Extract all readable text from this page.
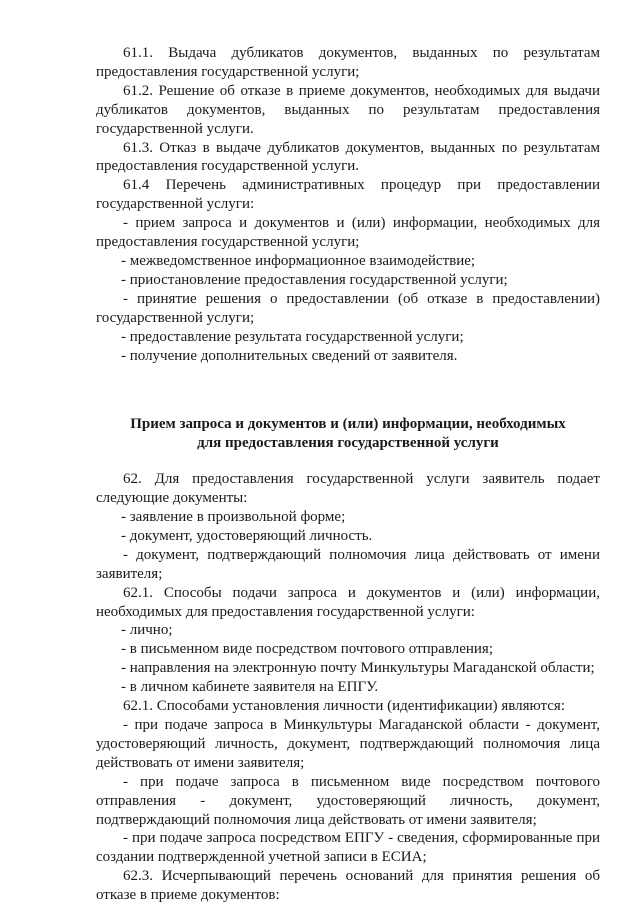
61.1. Выдача дубликатов документов, выданных по результатам предоставления государственной услуги;

61.2. Решение об отказе в приеме документов, необходимых для выдачи дубликатов документов, выданных по результатам предоставления государственной услуги.

61.3. Отказ в выдаче дубликатов документов, выданных по результатам предоставления государственной услуги.

61.4 Перечень административных процедур при предоставлении государственной услуги:

- прием запроса и документов и (или) информации, необходимых для предоставления государственной услуги;

- межведомственное информационное взаимодействие;

- приостановление предоставления государственной услуги;

- принятие решения о предоставлении (об отказе в предоставлении) государственной услуги;

- предоставление результата государственной услуги;

- получение дополнительных сведений от заявителя.

Прием запроса и документов и (или) информации, необходимых
для предоставления государственной услуги

62. Для предоставления государственной услуги заявитель подает следующие документы:

- заявление в произвольной форме;

- документ, удостоверяющий личность.

- документ, подтверждающий полномочия лица действовать от имени заявителя;

62.1. Способы подачи запроса и документов и (или) информации, необходимых для предоставления государственной услуги:

- лично;

- в письменном виде посредством почтового отправления;

- направления на электронную почту Минкультуры Магаданской области;

- в личном кабинете заявителя на ЕПГУ.

62.1. Способами установления личности (идентификации) являются:

- при подаче запроса в Минкультуры Магаданской области - документ, удостоверяющий личность, документ, подтверждающий полномочия лица действовать от имени заявителя;

- при подаче запроса в письменном виде посредством почтового отправления - документ, удостоверяющий личность, документ, подтверждающий полномочия лица действовать от имени заявителя;

- при подаче запроса посредством ЕПГУ - сведения, сформированные при создании подтвержденной учетной записи в ЕСИА;

62.3. Исчерпывающий перечень оснований для принятия решения об отказе в приеме документов:
